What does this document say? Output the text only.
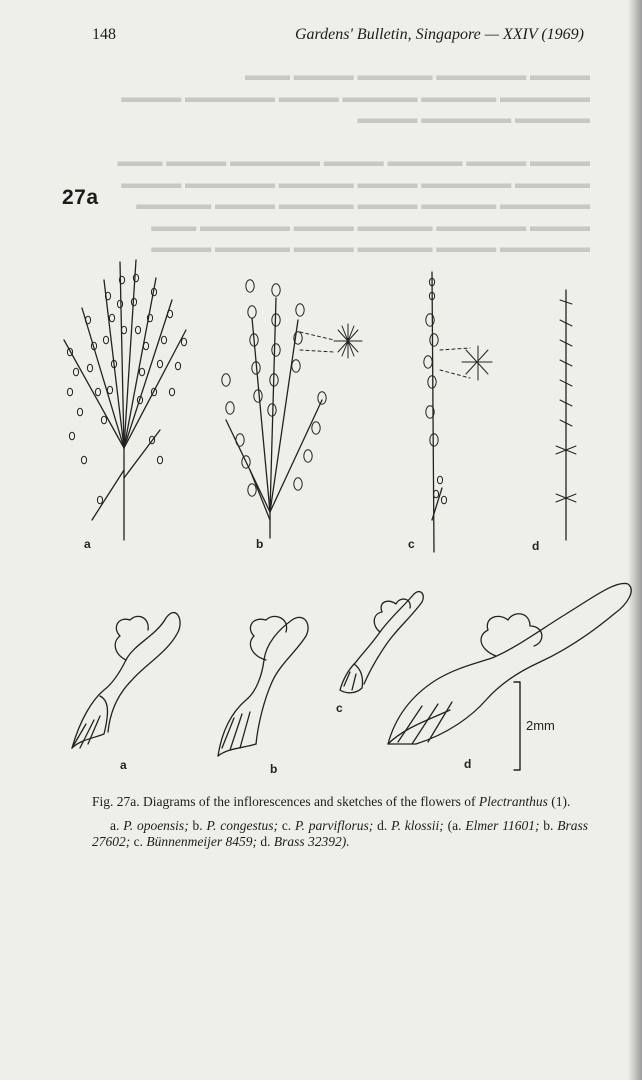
148	Gardens' Bulletin, Singapore — XXIV (1969)
▬▬▬▬ ▬▬▬▬▬▬ ▬▬▬▬▬ ▬▬▬▬ ▬▬▬
▬▬▬▬▬▬ ▬▬▬▬▬ ▬▬▬▬▬ ▬▬▬▬ ▬▬▬▬▬▬ ▬▬▬▬
▬▬▬▬▬ ▬▬▬▬▬▬ ▬▬▬▬

▬▬▬▬ ▬▬▬▬ ▬▬▬▬▬ ▬▬▬▬ ▬▬▬▬▬▬ ▬▬▬▬ ▬▬▬
▬▬▬▬▬ ▬▬▬▬▬▬ ▬▬▬▬ ▬▬▬▬▬ ▬▬▬▬▬▬ ▬▬▬▬
▬▬▬▬▬▬ ▬▬▬▬▬ ▬▬▬▬ ▬▬▬▬▬ ▬▬▬▬ ▬▬▬▬▬
▬▬▬▬ ▬▬▬▬▬▬ ▬▬▬▬▬ ▬▬▬▬ ▬▬▬▬▬▬ ▬▬▬
▬▬▬▬▬▬ ▬▬▬▬ ▬▬▬▬▬ ▬▬▬▬ ▬▬▬▬▬ ▬▬▬▬
27a
a	b
c
d
2mm
a	b	c	d

Fig. 27a. Diagrams of the inflorescences and sketches of the flowers of Plectranthus (1).

a. P. opoensis; b. P. congestus; c. P. parviflorus; d. P. klossii; (a. Elmer 11601; b. Brass 27602; c. Bünnenmeijer 8459; d. Brass 32392).
